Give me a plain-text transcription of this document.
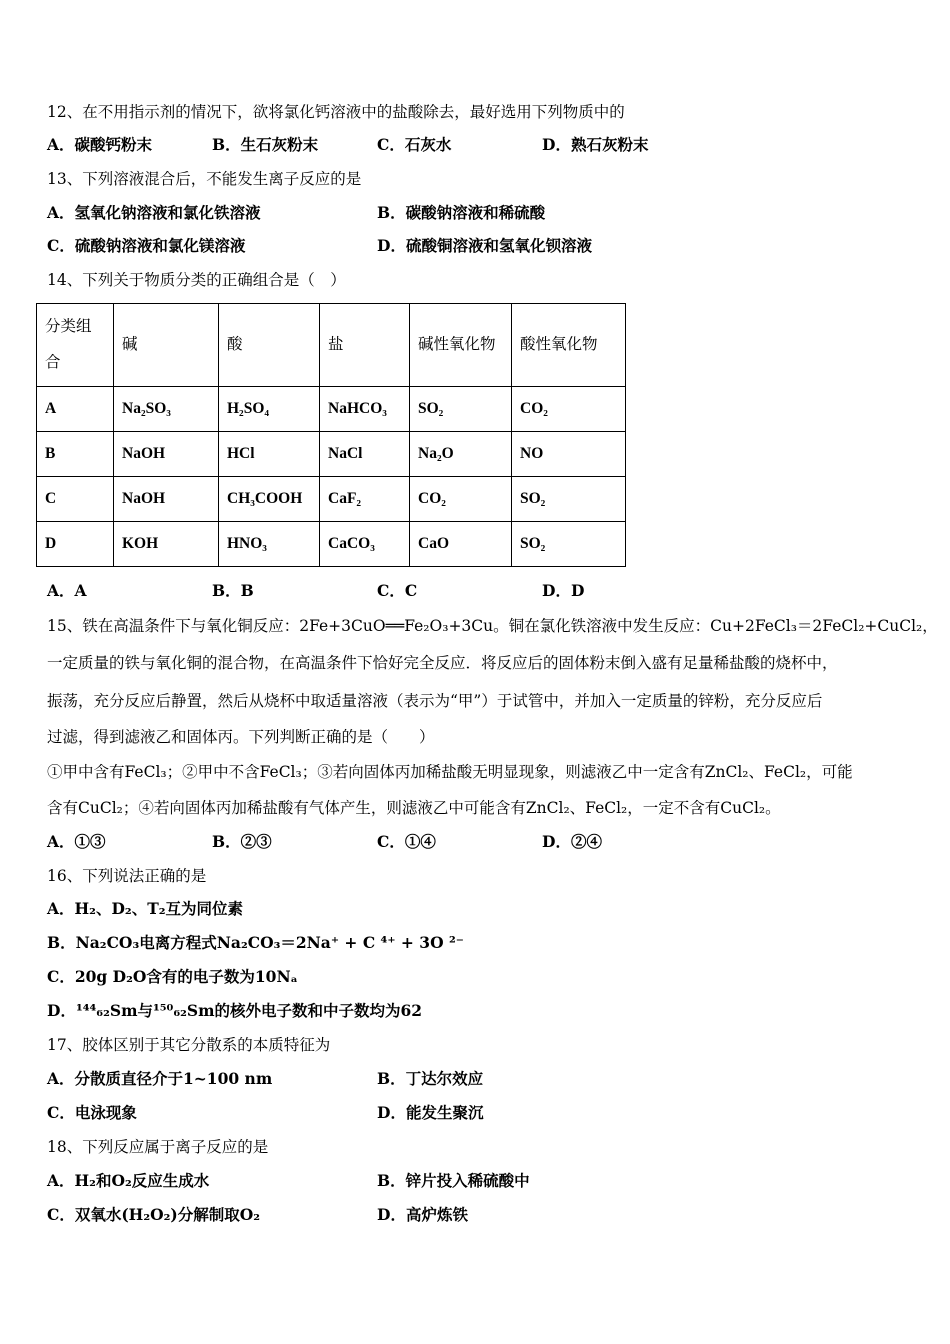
分类组合	碱	酸	盐	碱性氧化物	酸性氧化物
A	Na₂SO₃	H₂SO₄	NaHCO₃	SO₂	CO₂
B	NaOH	HCl	NaCl	Na₂O	NO
C	NaOH	CH₃COOH	CaF₂	CO₂	SO₂
D	KOH	HNO₃	CaCO₃	CaO	SO₂
12、在不用指示剂的情况下，欲将氯化钙溶液中的盐酸除去，最好选用下列物质中的
A．碳酸钙粉末	B．生石灰粉末	C．石灰水	D．熟石灰粉末
13、下列溶液混合后，不能发生离子反应的是
A．氢氧化钠溶液和氯化铁溶液	B．碳酸钠溶液和稀硫酸
C．硫酸钠溶液和氯化镁溶液	D．硫酸铜溶液和氢氧化钡溶液
14、下列关于物质分类的正确组合是（　）
A．A	B．B	C．C	D．D
15、铁在高温条件下与氧化铜反应：2Fe+3CuO══Fe₂O₃+3Cu。铜在氯化铁溶液中发生反应：Cu+2FeCl₃＝2FeCl₂+CuCl₂，
一定质量的铁与氧化铜的混合物，在高温条件下恰好完全反应．将反应后的固体粉末倒入盛有足量稀盐酸的烧杯中，
振荡，充分反应后静置，然后从烧杯中取适量溶液（表示为“甲”）于试管中，并加入一定质量的锌粉，充分反应后
过滤，得到滤液乙和固体丙。下列判断正确的是（　　）
①甲中含有FeCl₃；②甲中不含FeCl₃；③若向固体丙加稀盐酸无明显现象，则滤液乙中一定含有ZnCl₂、FeCl₂，可能
含有CuCl₂；④若向固体丙加稀盐酸有气体产生，则滤液乙中可能含有ZnCl₂、FeCl₂，一定不含有CuCl₂。
A．①③	B．②③	C．①④	D．②④
16、下列说法正确的是
A．H₂、D₂、T₂互为同位素
B．Na₂CO₃电离方程式Na₂CO₃＝2Na⁺ + C ⁴⁺ + 3O ²⁻
C．20g D₂O含有的电子数为10Nₐ
D．¹⁴⁴₆₂Sm与¹⁵⁰₆₂Sm的核外电子数和中子数均为62
17、胶体区别于其它分散系的本质特征为
A．分散质直径介于1~100 nm	B．丁达尔效应
C．电泳现象	D．能发生聚沉
18、下列反应属于离子反应的是
A．H₂和O₂反应生成水	B．锌片投入稀硫酸中
C．双氧水(H₂O₂)分解制取O₂	D．高炉炼铁
